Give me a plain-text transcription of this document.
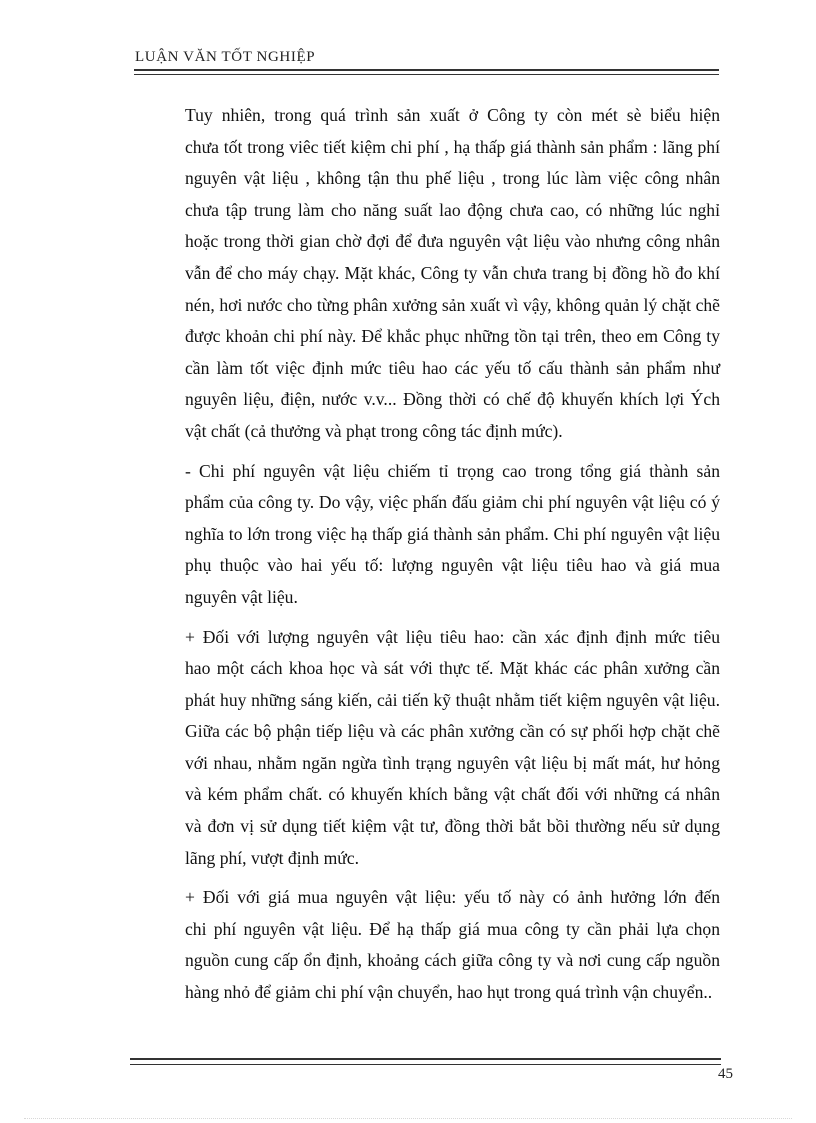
LUẬN VĂN TỐT NGHIỆP
Tuy nhiên, trong quá trình sản xuất ở Công ty còn mét sè biểu hiện
chưa tốt trong viêc tiết kiệm chi phí , hạ thấp giá thành sản phẩm : lãng phí
nguyên vật liệu , không tận thu phế liệu , trong lúc làm việc công nhân
chưa tập trung làm cho năng suất lao động chưa cao, có những lúc nghỉ
hoặc trong thời gian chờ đợi để đưa nguyên vật liệu vào nhưng công nhân
vẫn để cho máy chạy. Mặt khác, Công ty vẫn chưa trang bị đồng hồ đo khí
nén, hơi nước cho từng phân xưởng sản xuất vì vậy, không quản lý chặt chẽ
được khoản chi phí này. Để khắc phục những tồn tại trên, theo em Công ty
cần làm tốt việc định mức tiêu hao các yếu tố cấu thành sản phẩm như
nguyên liệu, điện, nước v.v... Đồng thời có chế độ khuyến khích lợi Ých
vật chất (cả thưởng và phạt trong công tác định mức).
- Chi phí nguyên vật liệu chiếm tỉ trọng cao trong tổng giá thành sản
phẩm của công ty. Do vậy, việc phấn đấu giảm chi phí nguyên vật liệu có ý
nghĩa to lớn trong việc hạ thấp giá thành sản phẩm. Chi phí nguyên vật liệu
phụ thuộc vào hai yếu tố: lượng nguyên vật liệu tiêu hao và giá mua
nguyên vật liệu.
+ Đối với lượng nguyên vật liệu tiêu hao: cần xác định định mức tiêu
hao một cách khoa học và sát với thực tế. Mặt khác các phân xưởng cần
phát huy những sáng kiến, cải tiến kỹ thuật nhằm tiết kiệm nguyên vật liệu.
Giữa các bộ phận tiếp liệu và các phân xưởng cần có sự phối hợp chặt chẽ
với nhau, nhằm ngăn ngừa tình trạng nguyên vật liệu bị mất mát, hư hỏng
và kém phẩm chất. có khuyến khích bằng vật chất đối với những cá nhân
và đơn vị sử dụng tiết kiệm vật tư, đồng thời bắt bồi thường nếu sử dụng
lãng phí, vượt định mức.
+ Đối với giá mua nguyên vật liệu: yếu tố này có ảnh hưởng lớn đến
chi phí nguyên vật liệu. Để hạ thấp giá mua công ty cần phải lựa chọn
nguồn cung cấp ổn định, khoảng cách giữa công ty và nơi cung cấp nguồn
hàng nhỏ để giảm chi phí vận chuyển, hao hụt trong quá trình vận chuyển..
45
